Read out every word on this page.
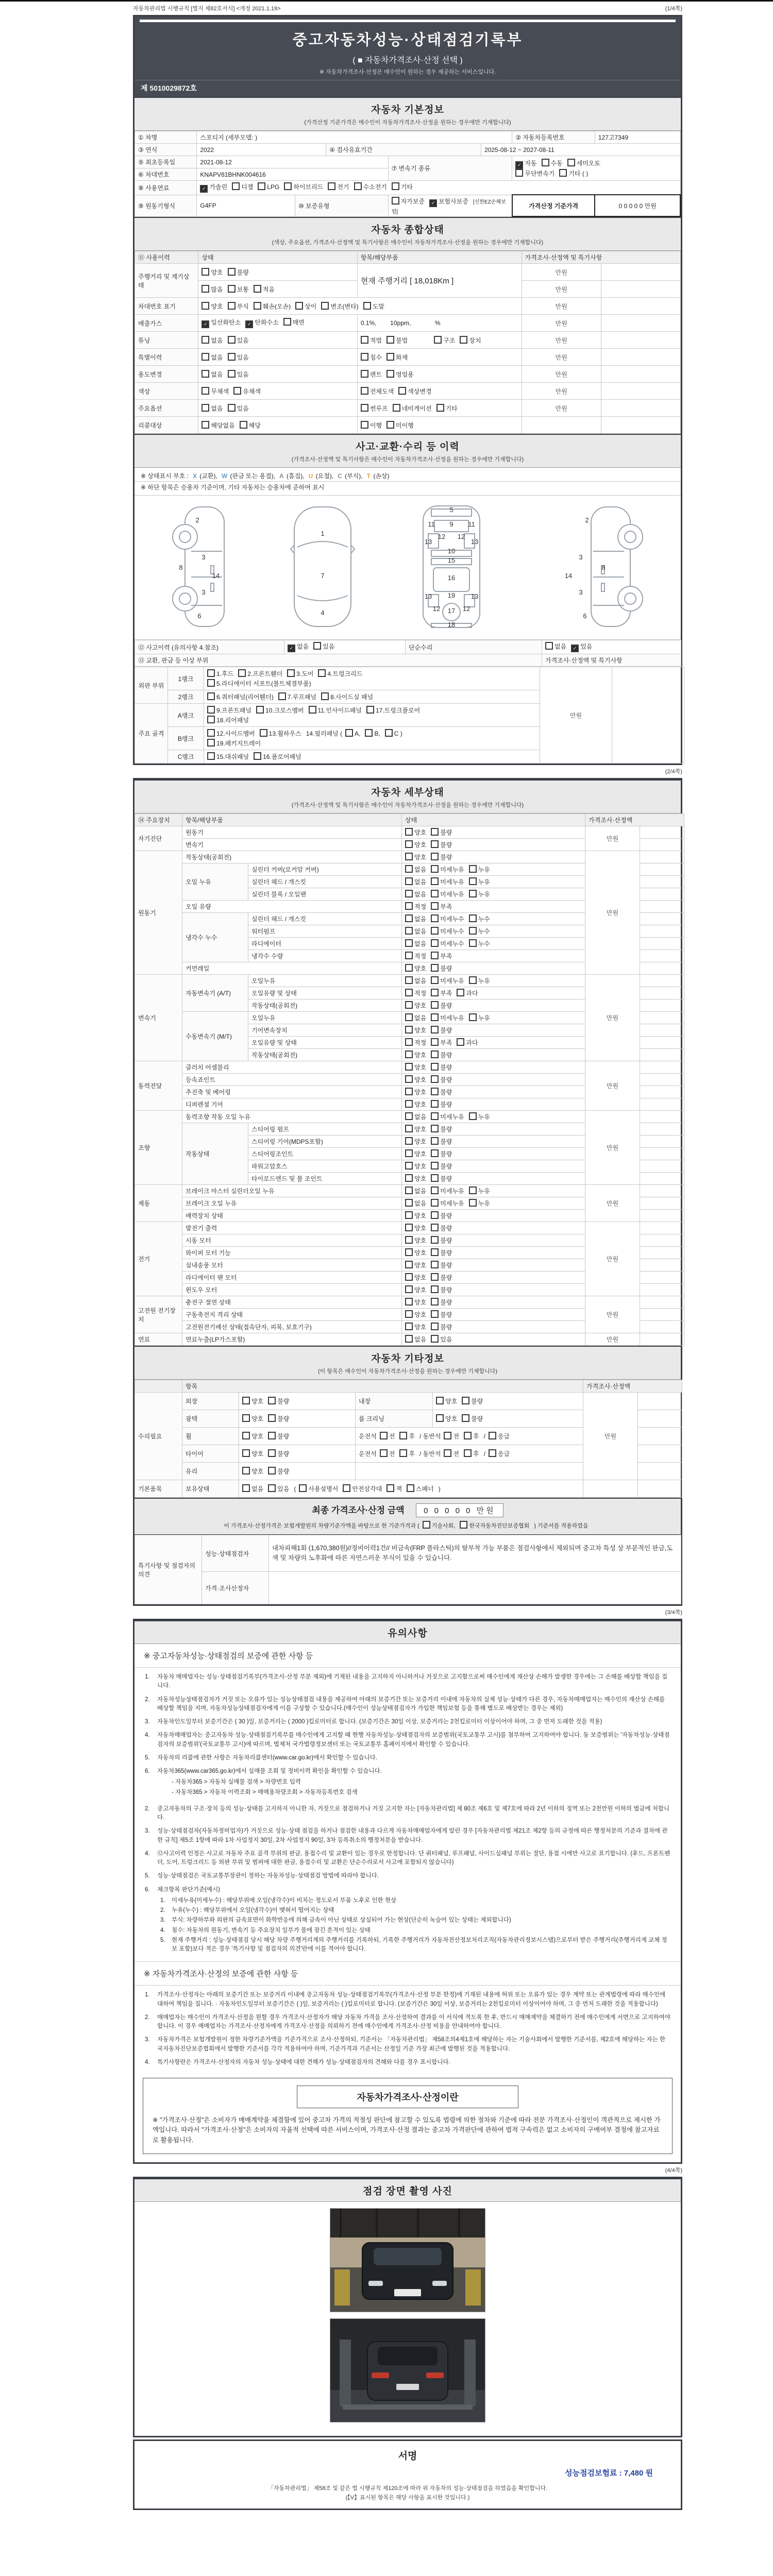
자동차관리법 시행규칙 [별지 제82호서식] <개정 2021.1.19>	(1/4쪽)
중고자동차성능·상태점검기록부
( ■ 자동차가격조사·산정 선택 )
※ 자동차가격조사·산정은 매수인이 원하는 경우 제공하는 서비스입니다.
제 5010029872호
자동차 기본정보
(가격산정 기준가격은 매수인이 자동차가격조사·산정을 원하는 경우에만 기재합니다)
① 차명	스포티지 (세부모델: )					② 자동차등록번호	127고7349
③ 연식	2022		④ 검사유효기간		2025-08-12 ~ 2027-08-11		
⑤ 최초등록일	2021-08-12			⑦ 변속기 종류		✓ 자동 수동 세미오토
무단변속기 기타 ( )	

⑥ 차대번호	KNAPV81BHNK004616						
⑧ 사용연료	✓ 가솔린 디젤 LPG 하이브리드 전기 수소전기 기타						
⑨ 원동기형식	G4FP	⑩ 보증유형		자가보증 ✓ 보험사보증 [신한EZ손해보험]		가격산정 기준가격	0 0 0 0 0 만원
자동차 종합상태
(색상, 주요옵션, 가격조사·산정액 및 특기사항은 매수인이 자동차가격조사·산정을 원하는 경우에만 기재합니다)
⑪ 사용이력	상태	항목/해당부품	가격조사·산정액 및 특기사항	
주행거리 및 계기상태	양호 불량	현재 주행거리 [ 18,018Km ]	만원	
	많음 보통 적음		만원	
차대번호 표기	양호 부식 훼손(오손) 상이 변조(변타) 도말		만원	
배출가스	✓ 일산화탄소 ✓ 탄화수소 매연	0.1%,        10ppm,              %	만원	
튜닝	없음 있음	적법 불법    구조 장치	만원	
특별이력	없음 있음	침수 화재	만원	
용도변경	없음 있음	렌트 영업용	만원	
색상	무채색 유채색	전체도색 색상변경	만원	
주요옵션	없음 있음	썬루프 네비게이션 기타	만원	
리콜대상	해당없음 해당	이행 미이행		
사고·교환·수리 등 이력
(가격조사·산정액 및 특기사항은 매수인이 자동차가격조사·산정을 원하는 경우에만 기재합니다)
※ 상태표시 부호 : X (교환), W (판금 또는 용접), A (흠집), U (요철), C (부식), T (손상)
※ 하단 항목은 승용차 기준이며, 기타 자동차는 승용차에 준하여 표시
2
8
3
14
3
6
1
7
4
5
11 9 11
13
12 12
13
10
15
16
13 19 13
12 17 12
18
2
8
3
14
3
6
⑫ 사고이력 (유의사항 4.참조)	✓ 없음 있음	단순수리	없음 ✓ 있음
⑬ 교환, 판금 등 이상 부위			가격조사·산정액 및 특기사항
외판 부위	1랭크	1.후드 2.프론트휀더 3.도어 4.트렁크리드
5.라디에이터 서포트(볼트체결부품)	만원	
	2랭크	6.쿼터패널(리어휀더) 7.루프패널 8.사이드실 패널		

주요 골격	A랭크	9.프론트패널 10.크로스멤버 11.인사이드패널 17.트렁크플로어
18.리어패널		

	B랭크	12.사이드멤버 13.휠하우스 14.필러패널 ( A, B, C )
19.패키지트레이		

	C랭크	15.대쉬패널 16.플로어패널		
(2/4쪽)
자동차 세부상태
(가격조사·산정액 및 특기사항은 매수인이 자동차가격조사·산정을 원하는 경우에만 기재합니다)
⑭ 주요장치	항목/해당부품		상태	가격조사·산정액	
자기진단	원동기		양호 불량	만원	
	변속기		양호 불량		
원동기	작동상태(공회전)		양호 불량	만원	
	오일 누유	실린더 커버(로커암 커버)	없음 미세누유 누유		
		실린더 헤드 / 개스킷	없음 미세누유 누유		
		실린더 블록 / 오일팬	없음 미세누유 누유		
	오일 유량		적정 부족		
	냉각수 누수	실린더 헤드 / 개스킷	없음 미세누수 누수		
		워터펌프	없음 미세누수 누수		
		라디에이터	없음 미세누수 누수		
		냉각수 수량	적정 부족		
	커먼레일		양호 불량		
변속기	자동변속기 (A/T)	오일누유	없음 미세누유 누유	만원	
		오일유량 및 상태	적정 부족 과다		
		작동상태(공회전)	양호 불량		
	수동변속기 (M/T)	오일누유	없음 미세누유 누유		
		기어변속장치	양호 불량		
		오일유량 및 상태	적정 부족 과다		
		작동상태(공회전)	양호 불량		
동력전달	클러치 어셈블리		양호 불량	만원	
	등속죠인트		양호 불량		
	추진축 및 베어링		양호 불량		
	디퍼렌셜 기어		양호 불량		
조향	동력조향 작동 오일 누유		없음 미세누유 누유	만원	
	작동상태	스티어링 펌프	양호 불량		
		스티어링 기어(MDPS포함)	양호 불량		
		스티어링조인트	양호 불량		
		파워고압호스	양호 불량		
		타이로드엔드 및 볼 조인트	양호 불량		
제동	브레이크 마스터 실린더오일 누유		없음 미세누유 누유	만원	
	브레이크 오일 누유		없음 미세누유 누유		
	배력장치 상태		양호 불량		
전기	발전기 출력		양호 불량	만원	
	시동 모터		양호 불량		
	와이퍼 모터 기능		양호 불량		
	실내송풍 모터		양호 불량		
	라디에이터 팬 모터		양호 불량		
	윈도우 모터		양호 불량		
고전원 전기장치	충전구 절연 상태		양호 불량	만원	
	구동축전지 격리 상태		양호 불량		
	고전원전기배선 상태(접속단자, 피복, 보호기구)		양호 불량		
연료	연료누출(LP가스포함)		없음 있음	만원	
자동차 기타정보
(이 항목은 매수인이 자동차가격조사·산정을 원하는 경우에만 기재합니다)
	항목				가격조사·산정액	
수리필요	외장	양호 불량	내장	양호 불량	만원	
	광택	양호 불량	룸 크리닝	양호 불량		
	휠	양호 불량	운전석 전 후 / 동반석 전 후 / 응급			
	타이어	양호 불량	운전석 전 후 / 동반석 전 후 / 응급			
	유리	양호 불량				
기본품목	보유상태	없음 있음 ( 사용설명서 안전삼각대 잭 스패너 )				
최종 가격조사·산정 금액 0 0 0 0 0 만원
이 가격조사·산정가격은 보험개발원의 차량기준가액을 바탕으로 한 기준가격과 ( 기술사회, 한국자동차진단보증협회 ) 기준서를 적용하였음
특기사항 및 점검자의 의견	성능·상태점검자	내차피해1회 (1,670,380원)//정비이력1건// 비금속(FRP 플라스틱)의 탈부착 가능 부품은 점검사항에서 제외되며 중고차 특성 상 부분적인 판금,도색 및 차량의 노후화에 따른 자연스러운 부식이 있을 수 있습니다.
	가격·조사산정자	
(3/4쪽)
유의사항
※ 중고자동차성능·상태점검의 보증에 관한 사항 등
1.	자동차 매매업자는 성능·상태점검기록부(가격조사·산정 부분 제외)에 기재된 내용을 고지하지 아니하거나 거짓으로 고지함으로써 매수인에게 재산상 손해가 발생한 경우에는 그 손해를 배상할 책임을 집니다.
2.	자동차성능상태점검자가 거짓 또는 오류가 있는 성능상태점검 내용을 제공하여 아래의 보증기간 또는 보증거리 이내에 자동차의 실제 성능·상태가 다른 경우, 자동차매매업자는 매수인의 재산상 손해를 배상할 책임을 지며, 자동차성능상태점검자에게 이를 구상할 수 있습니다.(매수인이 성능상태점검자가 가입한 책임보험 등을 통해 별도로 배상받는 경우는 제외)
3.	자동차인도일부터 보증기간은 ( 30 )일, 보증거리는 ( 2000 )킬로미터로 합니다. (보증기간은 30일 이상, 보증거리는 2천킬로미터 이상이어야 하며, 그 중 먼저 도래한 것을 적용)
4.	자동차매매업자는 중고자동차 성능·상태점검기록부를 매수인에게 고지할 때 현행 자동차성능·상태점검자의 보증범위(국토교통부 고시)를 첨부하여 고지하여야 합니다. 동 보증범위는 '자동차성능·상태점검자의 보증범위'(국토교통부 고시)에 따르며, 법제처 국가법령정보센터 또는 국토교통부 홈페이지에서 확인할 수 있습니다.
5.	자동차의 리콜에 관한 사항은 자동차리콜센터(www.car.go.kr)에서 확인할 수 있습니다.
6.	자동차365(www.car365.go.kr)에서 실매물 조회 및 정비이력 확인을 확인할 수 있습니다.
- 자동차365 > 자동차 실매물 검색 > 차량번호 입력
- 자동차365 > 자동차 이력조회 > 매매용차량조회 > 자동차등록번호 검색
2.	중고자동차의 구조·장치 등의 성능·상태를 고지하지 아니한 자, 거짓으로 점검하거나 거짓 고지한 자는 [자동차관리법] 제 80조 제6호 및 제7호에 따라 2년 이하의 징역 또는 2천만원 이하의 벌금에 처합니다.
3.	성능·상태점검자(자동차정비업자)가 거짓으로 성능·상태 점검을 하거나 점검한 내용과 다르게 자동차매매업자에게 알린 경우 [자동차관리법 제21조 제2항 등의 규정에 따른 행정처분의 기준과 절차에 관한 규칙] 제5조 1항에 따라 1차 사업정지 30일, 2차 사업정지 90일, 3차 등록취소의 행정처분을 받습니다.
4.	⑫사고이력 인정은 사고로 자동차 주요 골격 부위의 판금, 용접수리 및 교환이 있는 경우로 한정합니다. 단 쿼터패널, 루프패널, 사이드실패널 부위는 절단, 용접 시에만 사고로 표기합니다. (후드, 프론트펜더, 도어, 트렁크리드 등 외판 부위 및 범퍼에 대한 판금, 용접수리 및 교환은 단순수리로서 사고에 포함되지 않습니다)
5.	성능·상태점검은 국토교통부장관이 정하는 자동차성능·상태점검 방법에 따라야 합니다.
6.	체크항목 판단기준(예시)
1.	미세누유(미세누수) : 해당부위에 오일(냉각수)이 비치는 정도로서 부품 노후로 인한 현상
2.	누유(누수) : 해당부위에서 오일(냉각수)이 맺혀서 떨어지는 상태
3.	부식: 차량하부와 외판의 금속표면이 화학반응에 의해 금속이 아닌 상태로 상실되어 가는 현상(단순히 녹슬어 있는 상태는 제외합니다)
4.	침수: 자동차의 원동기, 변속기 등 주요장치 일부가 물에 잠긴 흔적이 있는 상태
5.	현재 주행거리 : 성능·상태점검 당시 해당 차량 주행거리계의 주행거리를 기록하되, 기록한 주행거리가 자동차전산정보처리조직(자동차관리정보시스템)으로부터 받은 주행거리(주행거리계 교체 정보 포함)보다 적은 경우 '특기사항 및 점검자의 의견'란에 이를 적어야 합니다.
※ 자동차가격조사·산정의 보증에 관한 사항 등
1.	가격조사·산정자는 아래의 보증기간 또는 보증거리 이내에 중고자동차 성능·상태점검기록부(가격조사·산정 부분 한정)에 기재된 내용에 허위 또는 오류가 있는 경우 계약 또는 관계법령에 따라 매수인에 대하여 책임을 집니다. · 자동차인도일부터 보증기간은 ( )일, 보증거리는 ( )킬로미터로 합니다. (보증기간은 30일 이상, 보증거리는 2천킬로미터 이상이어야 하며, 그 중 먼저 도래한 것을 적용합니다)
2.	매매업자는 매수인이 가격조사·산정을 원할 경우 가격조사·산정자가 해당 자동차 가격을 조사·산정하여 결과를 이 서식에 적도록 한 후, 반드시 매매계약을 체결하기 전에 매수인에게 서면으로 고지하여야 합니다. 이 경우 매매업자는 가격조사·산정자에게 가격조사·산정을 의뢰하기 전에 매수인에게 가격조사·산정 비용을 안내하여야 합니다.
3.	자동차가격은 보험개발원이 정한 차량기준가액을 기준가격으로 조사·산정하되, 기준서는 「자동차관리법」 제58조의4제1호에 해당하는 자는 기술사회에서 발행한 기준서를, 제2호에 해당하는 자는 한국자동차진단보증협회에서 발행한 기준서를 각각 적용하여야 하며, 기준가격과 기준서는 산정일 기준 가장 최근에 발행된 것을 적용합니다.
4.	특기사항란은 가격조사·산정자의 자동차 성능·상태에 대한 견해가 성능·상태점검자의 견해와 다를 경우 표시합니다.
자동차가격조사·산정이란
※ "가격조사·산정"은 소비자가 매매계약을 체결함에 있어 중고차 가격의 적절성 판단에 참고할 수 있도록 법령에 의한 절차와 기준에 따라 전문 가격조사·산정인이 객관적으로 제시한 가액입니다. 따라서 "가격조사·산정"은 소비자의 자율적 선택에 따른 서비스이며, 가격조사·산정 결과는 중고차 가격판단에 관하여 법적 구속력은 없고 소비자의 구매여부 결정에 참고자료로 활용됩니다.
(4/4쪽)
점검 장면 촬영 사진
서명
성능점검보험료 : 7,480 원
「자동차관리법」 제58조 및 같은 법 시행규칙 제120조에 따라 위 자동차의 성능·상태점검을 하였음을 확인합니다.
(【V】표시된 항목은 해당 사항을 표시한 것입니다.)
